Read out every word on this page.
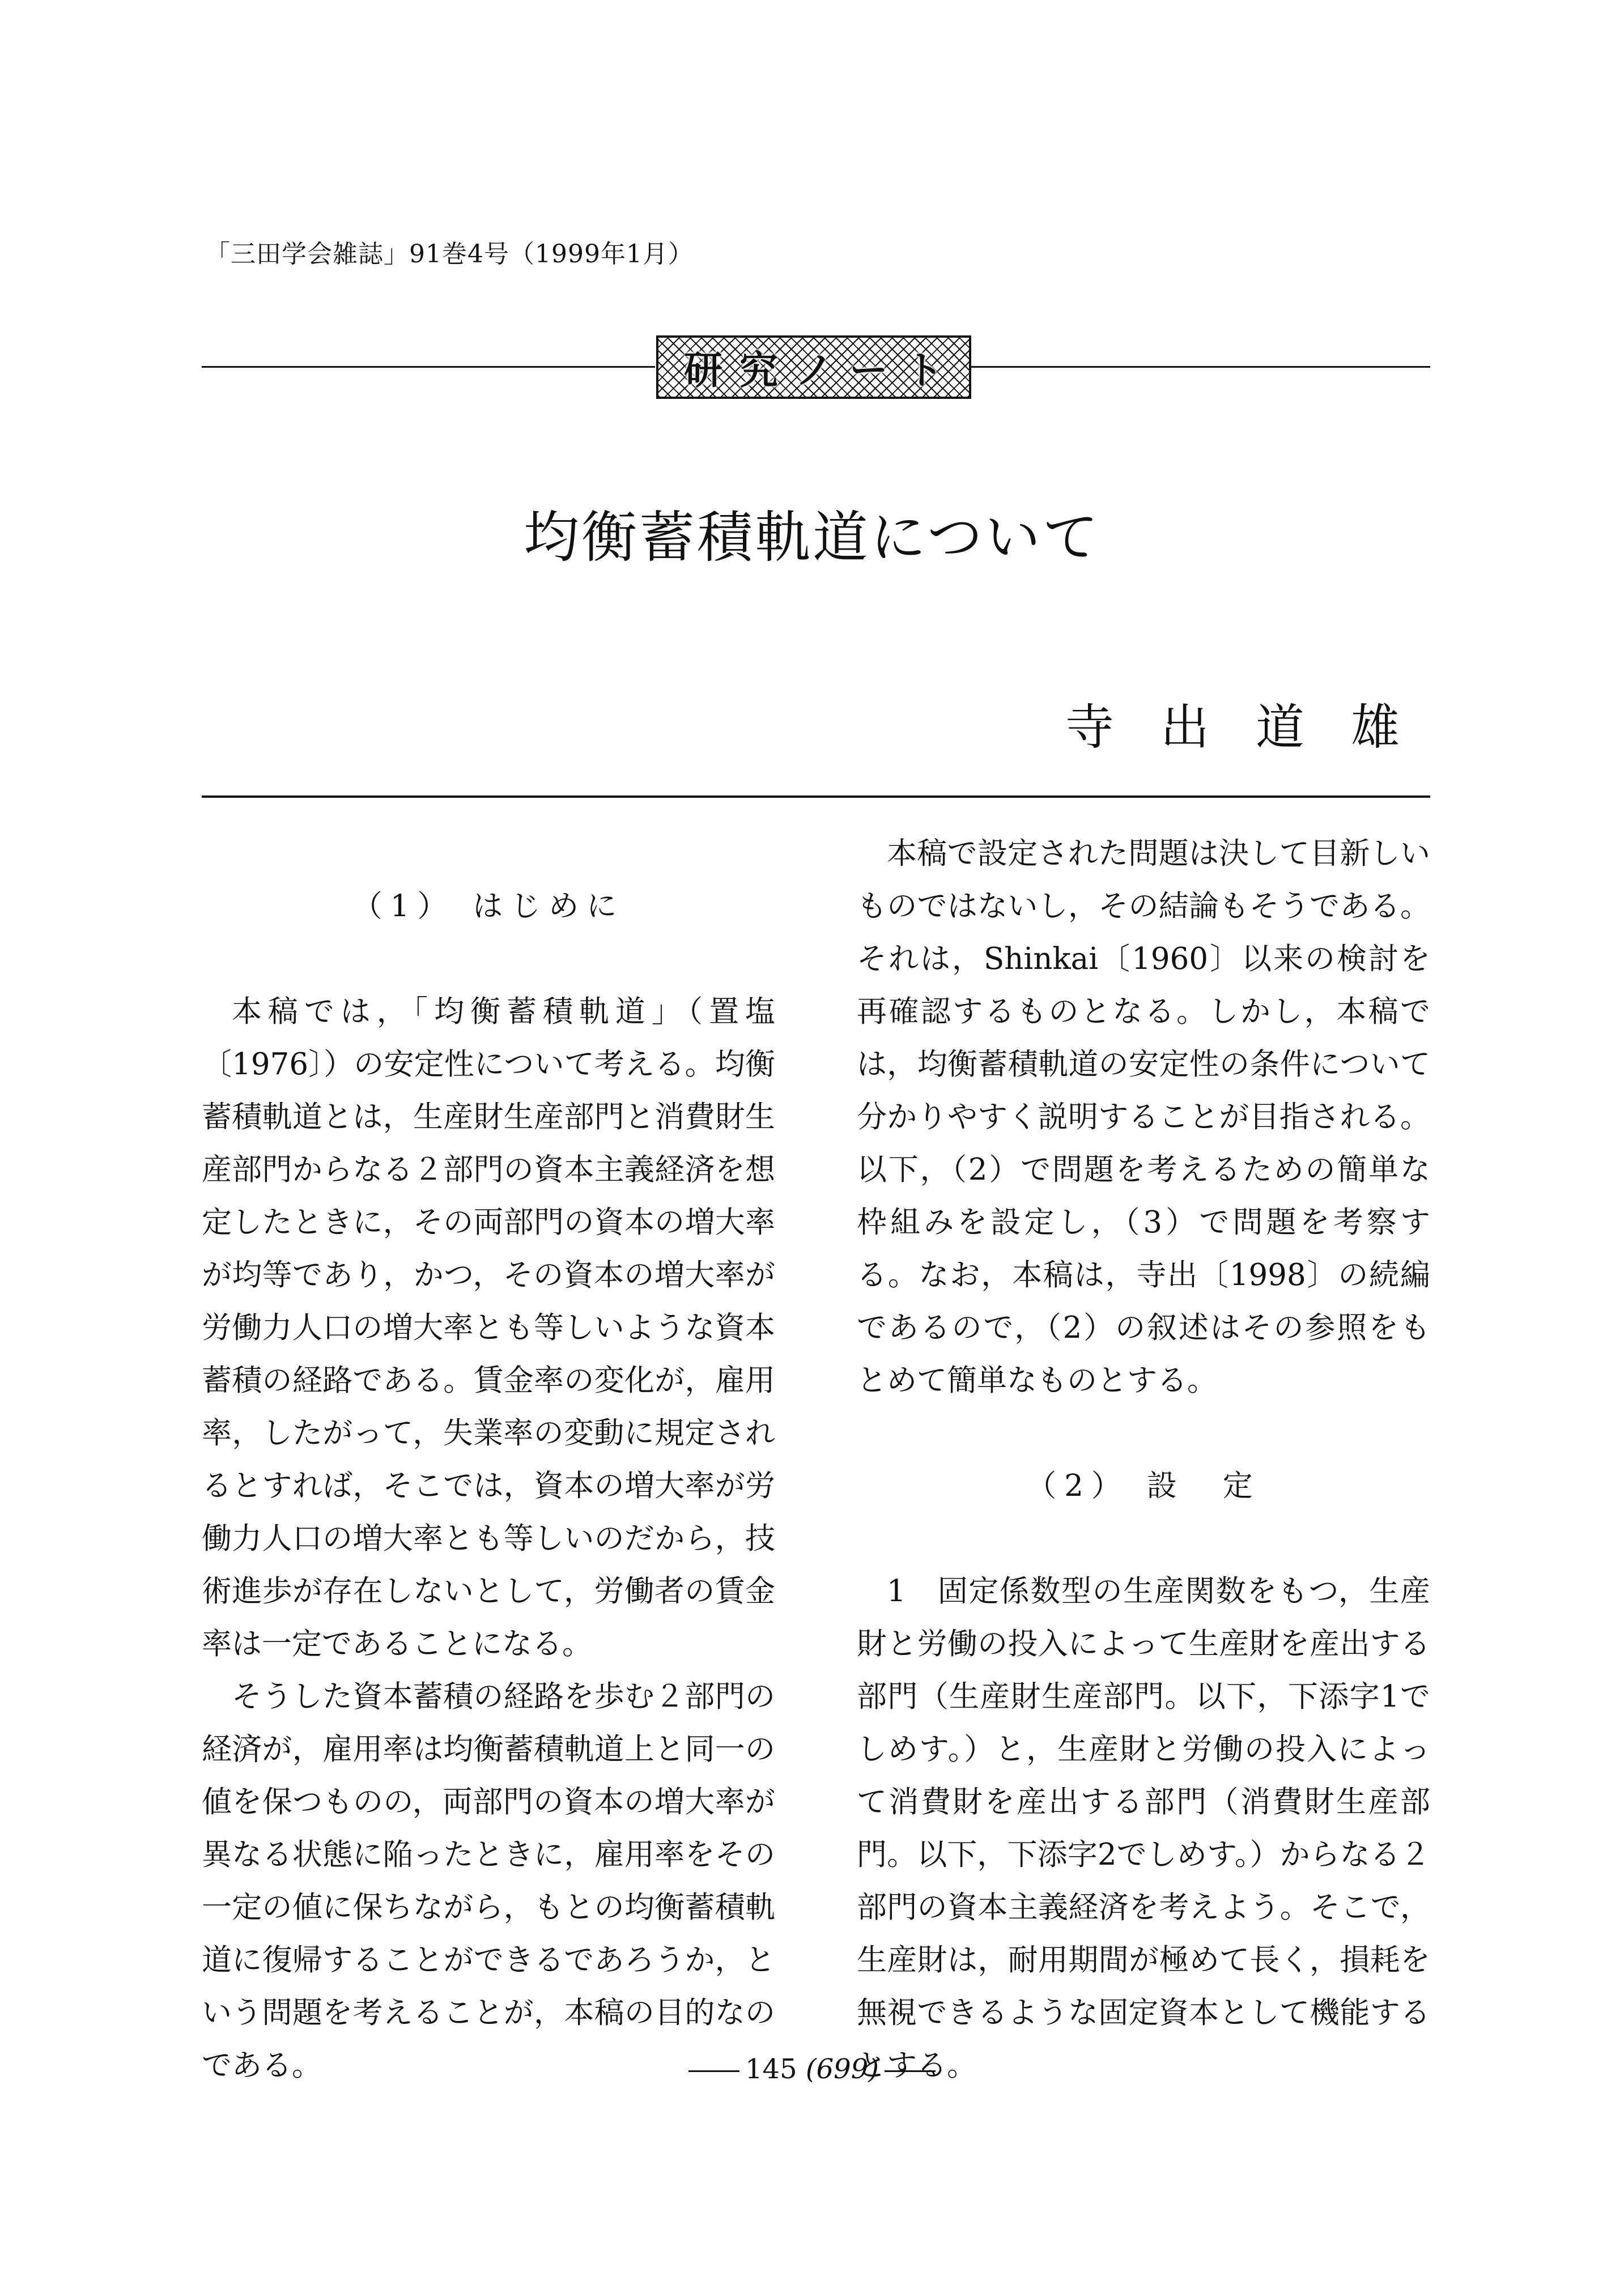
「三田学会雑誌」91巻4号（1999年1月）
研究ノート
均衡蓄積軌道について
寺出道雄
（1） はじめに

本稿では，「均衡蓄積軌道」（置塩〔1976〕）の安定性について考える。均衡蓄積軌道とは，生産財生産部門と消費財生産部門からなる２部門の資本主義経済を想定したときに，その両部門の資本の増大率が均等であり，かつ，その資本の増大率が労働力人口の増大率とも等しいような資本蓄積の経路である。賃金率の変化が，雇用率，したがって，失業率の変動に規定されるとすれば，そこでは，資本の増大率が労働力人口の増大率とも等しいのだから，技術進歩が存在しないとして，労働者の賃金率は一定であることになる。

そうした資本蓄積の経路を歩む２部門の経済が，雇用率は均衡蓄積軌道上と同一の値を保つものの，両部門の資本の増大率が異なる状態に陥ったときに，雇用率をその一定の値に保ちながら，もとの均衡蓄積軌道に復帰することができるであろうか，という問題を考えることが，本稿の目的なのである。

本稿で設定された問題は決して目新しいものではないし，その結論もそうである。それは，Shinkai〔1960〕以来の検討を再確認するものとなる。しかし，本稿では，均衡蓄積軌道の安定性の条件について分かりやすく説明することが目指される。以下，（2）で問題を考えるための簡単な枠組みを設定し，（3）で問題を考察する。なお，本稿は，寺出〔1998〕の続編であるので，（2）の叙述はその参照をもとめて簡単なものとする。

（2） 設　定

1　固定係数型の生産関数をもつ，生産財と労働の投入によって生産財を産出する部門（生産財生産部門。以下，下添字1でしめす。）と，生産財と労働の投入によって消費財を産出する部門（消費財生産部門。以下，下添字2でしめす。）からなる２部門の資本主義経済を考えよう。そこで，生産財は，耐用期間が極めて長く，損耗を無視できるような固定資本として機能するとする。

145 (699)
